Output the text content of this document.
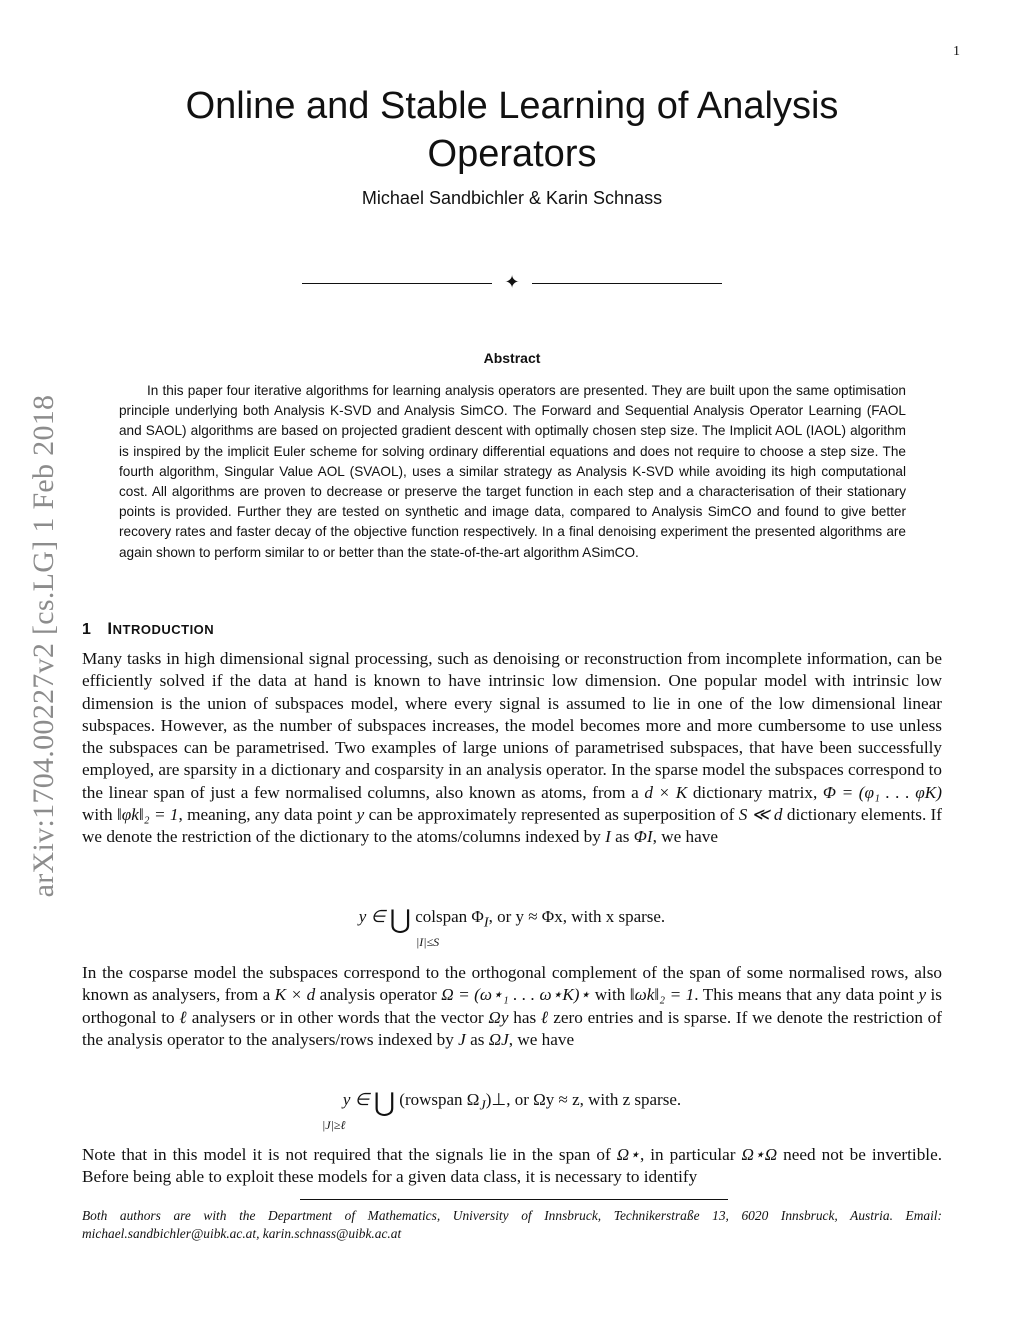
1
arXiv:1704.00227v2 [cs.LG] 1 Feb 2018
Online and Stable Learning of Analysis Operators
Michael Sandbichler & Karin Schnass
✦
Abstract

In this paper four iterative algorithms for learning analysis operators are presented. They are built upon the same optimisation principle underlying both Analysis K-SVD and Analysis SimCO. The Forward and Sequential Analysis Operator Learning (FAOL and SAOL) algorithms are based on projected gradient descent with optimally chosen step size. The Implicit AOL (IAOL) algorithm is inspired by the implicit Euler scheme for solving ordinary differential equations and does not require to choose a step size. The fourth algorithm, Singular Value AOL (SVAOL), uses a similar strategy as Analysis K-SVD while avoiding its high computational cost. All algorithms are proven to decrease or preserve the target function in each step and a characterisation of their stationary points is provided. Further they are tested on synthetic and image data, compared to Analysis SimCO and found to give better recovery rates and faster decay of the objective function respectively. In a final denoising experiment the presented algorithms are again shown to perform similar to or better than the state-of-the-art algorithm ASimCO.

1 INTRODUCTION

Many tasks in high dimensional signal processing, such as denoising or reconstruction from incomplete information, can be efficiently solved if the data at hand is known to have intrinsic low dimension. One popular model with intrinsic low dimension is the union of subspaces model, where every signal is assumed to lie in one of the low dimensional linear subspaces. However, as the number of subspaces increases, the model becomes more and more cumbersome to use unless the subspaces can be parametrised. Two examples of large unions of parametrised subspaces, that have been successfully employed, are sparsity in a dictionary and cosparsity in an analysis operator. In the sparse model the subspaces correspond to the linear span of just a few normalised columns, also known as atoms, from a d × K dictionary matrix, Φ = (φ₁ . . . φK) with ‖φk‖₂ = 1, meaning, any data point y can be approximately represented as superposition of S ≪ d dictionary elements. If we denote the restriction of the dictionary to the atoms/columns indexed by I as ΦI, we have

y ∈ ⋃ colspan $\Phi_I$, or y ≈ Φx, with x sparse.
|I|≤S

In the cosparse model the subspaces correspond to the orthogonal complement of the span of some normalised rows, also known as analysers, from a K × d analysis operator Ω = (ω⋆₁ . . . ω⋆K)⋆ with ‖ωk‖₂ = 1. This means that any data point y is orthogonal to ℓ analysers or in other words that the vector Ωy has ℓ zero entries and is sparse. If we denote the restriction of the analysis operator to the analysers/rows indexed by J as ΩJ, we have

y ∈ ⋃ (rowspan $\Omega_J)\perp$, or Ωy ≈ z, with z sparse.
|J|≥ℓ

Note that in this model it is not required that the signals lie in the span of Ω⋆, in particular Ω⋆Ω need not be invertible. Before being able to exploit these models for a given data class, it is necessary to identify

Both authors are with the Department of Mathematics, University of Innsbruck, Technikerstraße 13, 6020 Innsbruck, Austria. Email: michael.sandbichler@uibk.ac.at, karin.schnass@uibk.ac.at
